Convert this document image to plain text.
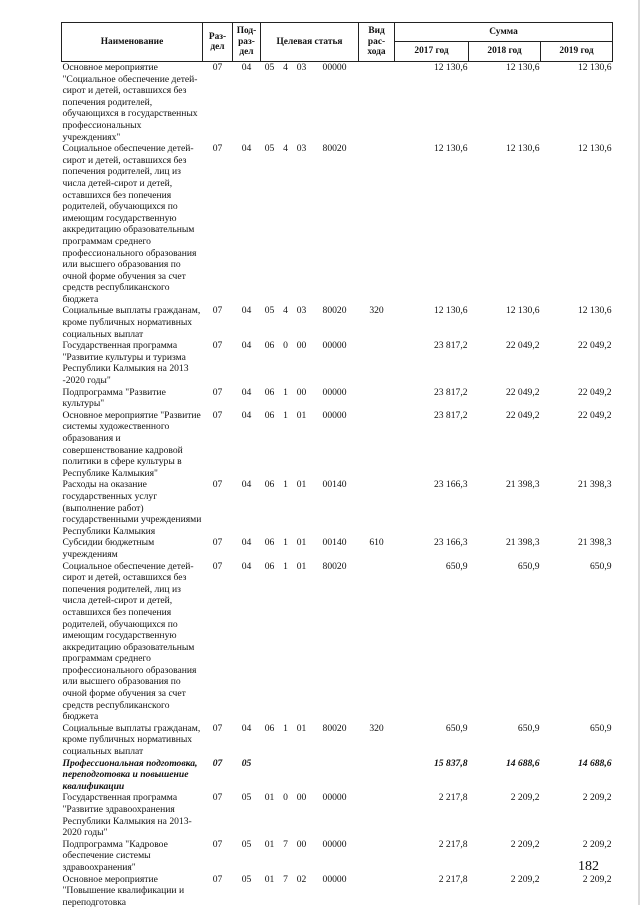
Наименование	Раз-дел	Под-раз-дел	Целевая статья				Вид рас-хода	Сумма		
								2017 год	2018 год	2019 год
Основное мероприятие "Социальное обеспечение детей-сирот и детей, оставшихся без попечения родителей, обучающихся в государственных профессиональных учреждениях"	07	04	05	4	03	00000		12 130,6	12 130,6	12 130,6
Социальное обеспечение детей-сирот и детей, оставшихся без попечения родителей, лиц из числа детей-сирот и детей, оставшихся без попечения родителей, обучающихся по имеющим государственную аккредитацию образовательным программам среднего профессионального образования или высшего образования по очной форме обучения за счет средств республиканского бюджета	07	04	05	4	03	80020		12 130,6	12 130,6	12 130,6
Социальные выплаты гражданам, кроме публичных нормативных социальных выплат	07	04	05	4	03	80020	320	12 130,6	12 130,6	12 130,6
Государственная программа "Развитие культуры и туризма Республики Калмыкия на 2013 -2020 годы"	07	04	06	0	00	00000		23 817,2	22 049,2	22 049,2
Подпрограмма "Развитие культуры"	07	04	06	1	00	00000		23 817,2	22 049,2	22 049,2
Основное мероприятие "Развитие системы художественного образования и совершенствование кадровой политики в сфере культуры в Республике Калмыкия"	07	04	06	1	01	00000		23 817,2	22 049,2	22 049,2
Расходы на оказание государственных услуг (выполнение работ) государственными учреждениями Республики Калмыкия	07	04	06	1	01	00140		23 166,3	21 398,3	21 398,3
Субсидии бюджетным учреждениям	07	04	06	1	01	00140	610	23 166,3	21 398,3	21 398,3
Социальное обеспечение детей-сирот и детей, оставшихся без попечения родителей, лиц из числа детей-сирот и детей, оставшихся без попечения родителей, обучающихся по имеющим государственную аккредитацию образовательным программам среднего профессионального образования или высшего образования по очной форме обучения за счет средств республиканского бюджета	07	04	06	1	01	80020		650,9	650,9	650,9
Социальные выплаты гражданам, кроме публичных нормативных социальных выплат	07	04	06	1	01	80020	320	650,9	650,9	650,9
Профессиональная подготовка, переподготовка и повышение квалификации	07	05						15 837,8	14 688,6	14 688,6
Государственная программа "Развитие здравоохранения Республики Калмыкия на 2013-2020 годы"	07	05	01	0	00	00000		2 217,8	2 209,2	2 209,2
Подпрограмма "Кадровое обеспечение системы здравоохранения"	07	05	01	7	00	00000		2 217,8	2 209,2	2 209,2
Основное мероприятие "Повышение квалификации и переподготовка	07	05	01	7	02	00000		2 217,8	2 209,2	2 209,2
182
